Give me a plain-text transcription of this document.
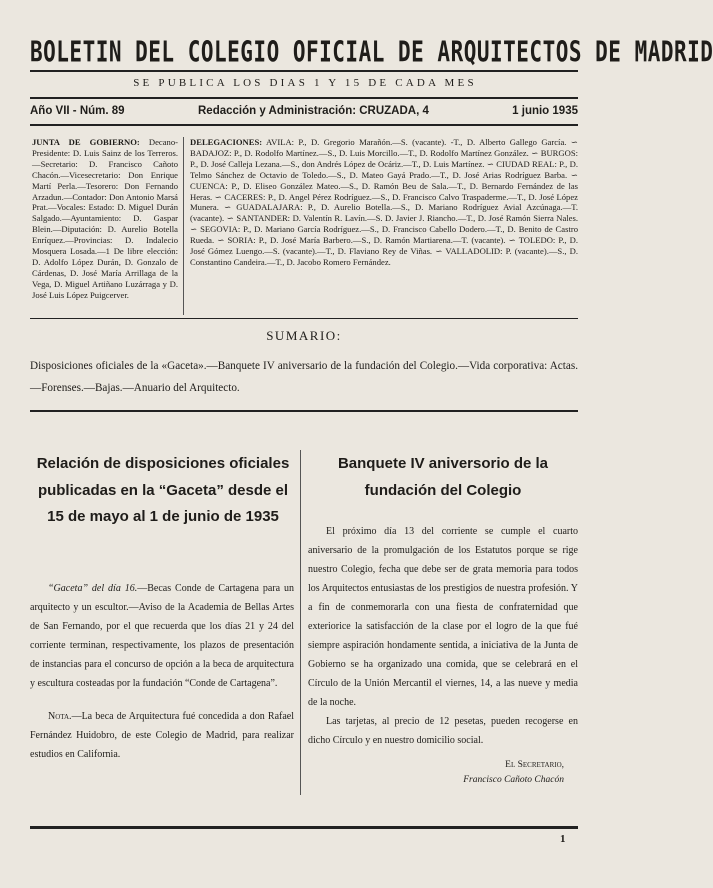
BOLETIN DEL COLEGIO OFICIAL DE ARQUITECTOS DE MADRID
SE PUBLICA LOS DIAS 1 Y 15 DE CADA MES
Año VII - Núm. 89	Redacción y Administración: CRUZADA, 4	1 junio 1935
JUNTA DE GOBIERNO: Decano-Presidente: D. Luis Sainz de los Terreros.—Secretario: D. Francisco Cañoto Chacón.—Vicesecretario: Don Enrique Martí Perla.—Tesorero: Don Fernando Arzadun.—Contador: Don Antonio Marsá Prat.—Vocales: Estado: D. Miguel Durán Salgado.—Ayuntamiento: D. Gaspar Blein.—Diputación: D. Aurelio Botella Enríquez.—Provincias: D. Indalecio Mosquera Losada.—1 De libre elección: D. Adolfo López Durán, D. Gonzalo de Cárdenas, D. José María Arrillaga de la Vega, D. Miguel Artiñano Luzárraga y D. José Luis López Puigcerver.
DELEGACIONES: AVILA: P., D. Gregorio Marañón.—S. (vacante). -T., D. Alberto Gallego García. ∽ BADAJOZ: P., D. Rodolfo Martínez.—S., D. Luis Morcillo.—T., D. Rodolfo Martínez González. ∽ BURGOS: P., D. José Calleja Lezana.—S., don Andrés López de Ocáriz.—T., D. Luis Martínez. ∽ CIUDAD REAL: P., D. Telmo Sánchez de Octavio de Toledo.—S., D. Mateo Gayá Prado.—T., D. José Arias Rodríguez Barba. ∽ CUENCA: P., D. Eliseo González Mateo.—S., D. Ramón Beu de Sala.—T., D. Bernardo Fernández de las Heras. ∽ CACERES: P., D. Angel Pérez Rodríguez.—S., D. Francisco Calvo Traspaderme.—T., D. José López Munera. ∽ GUADALAJARA: P., D. Aurelio Botella.—S., D. Mariano Rodríguez Avial Azcúnaga.—T. (vacante). ∽ SANTANDER: D. Valentín R. Lavín.—S. D. Javier J. Riancho.—T., D. José Ramón Sierra Nales. ∽ SEGOVIA: P., D. Mariano García Rodríguez.—S., D. Francisco Cabello Dodero.—T., D. Benito de Castro Rueda. ∽ SORIA: P., D. José María Barbero.—S., D. Ramón Martiarena.—T. (vacante). ∽ TOLEDO: P., D. José Gómez Luengo.—S. (vacante).—T., D. Flaviano Rey de Viñas. ∽ VALLADOLID: P. (vacante).—S., D. Constantino Candeira.—T., D. Jacobo Romero Fernández.
SUMARIO:
Disposiciones oficiales de la «Gaceta».—Banquete IV aniversario de la fundación del Colegio.—Vida corporativa: Actas.—Forenses.—Bajas.—Anuario del Arquitecto.
Relación de disposiciones oficiales publicadas en la “Gaceta” desde el 15 de mayo al 1 de junio de 1935

“Gaceta” del día 16.—Becas Conde de Cartagena para un arquitecto y un escultor.—Aviso de la Academia de Bellas Artes de San Fernando, por el que recuerda que los días 21 y 24 del corriente terminan, respectivamente, los plazos de presentación de instancias para el concurso de opción a la beca de arquitectura y escultura costeadas por la fundación “Conde de Cartagena”.

Nota.—La beca de Arquitectura fué concedida a don Rafael Fernández Huidobro, de este Colegio de Madrid, para realizar estudios en California.

Banquete IV aniversorio de la fundación del Colegio

El próximo día 13 del corriente se cumple el cuarto aniversario de la promulgación de los Estatutos porque se rige nuestro Colegio, fecha que debe ser de grata memoria para todos los Arquitectos entusiastas de los prestigios de nuestra profesión. Y a fin de conmemorarla con una fiesta de confraternidad que exteriorice la satisfacción de la clase por el logro de la que fué siempre aspiración hondamente sentida, a iniciativa de la Junta de Gobierno se ha organizado una comida, que se celebrará en el Círculo de la Unión Mercantil el viernes, 14, a las nueve y media de la noche.

Las tarjetas, al precio de 12 pesetas, pueden recogerse en dicho Círculo y en nuestro domicilio social.

El Secretario,
Francisco Cañoto Chacón
1
